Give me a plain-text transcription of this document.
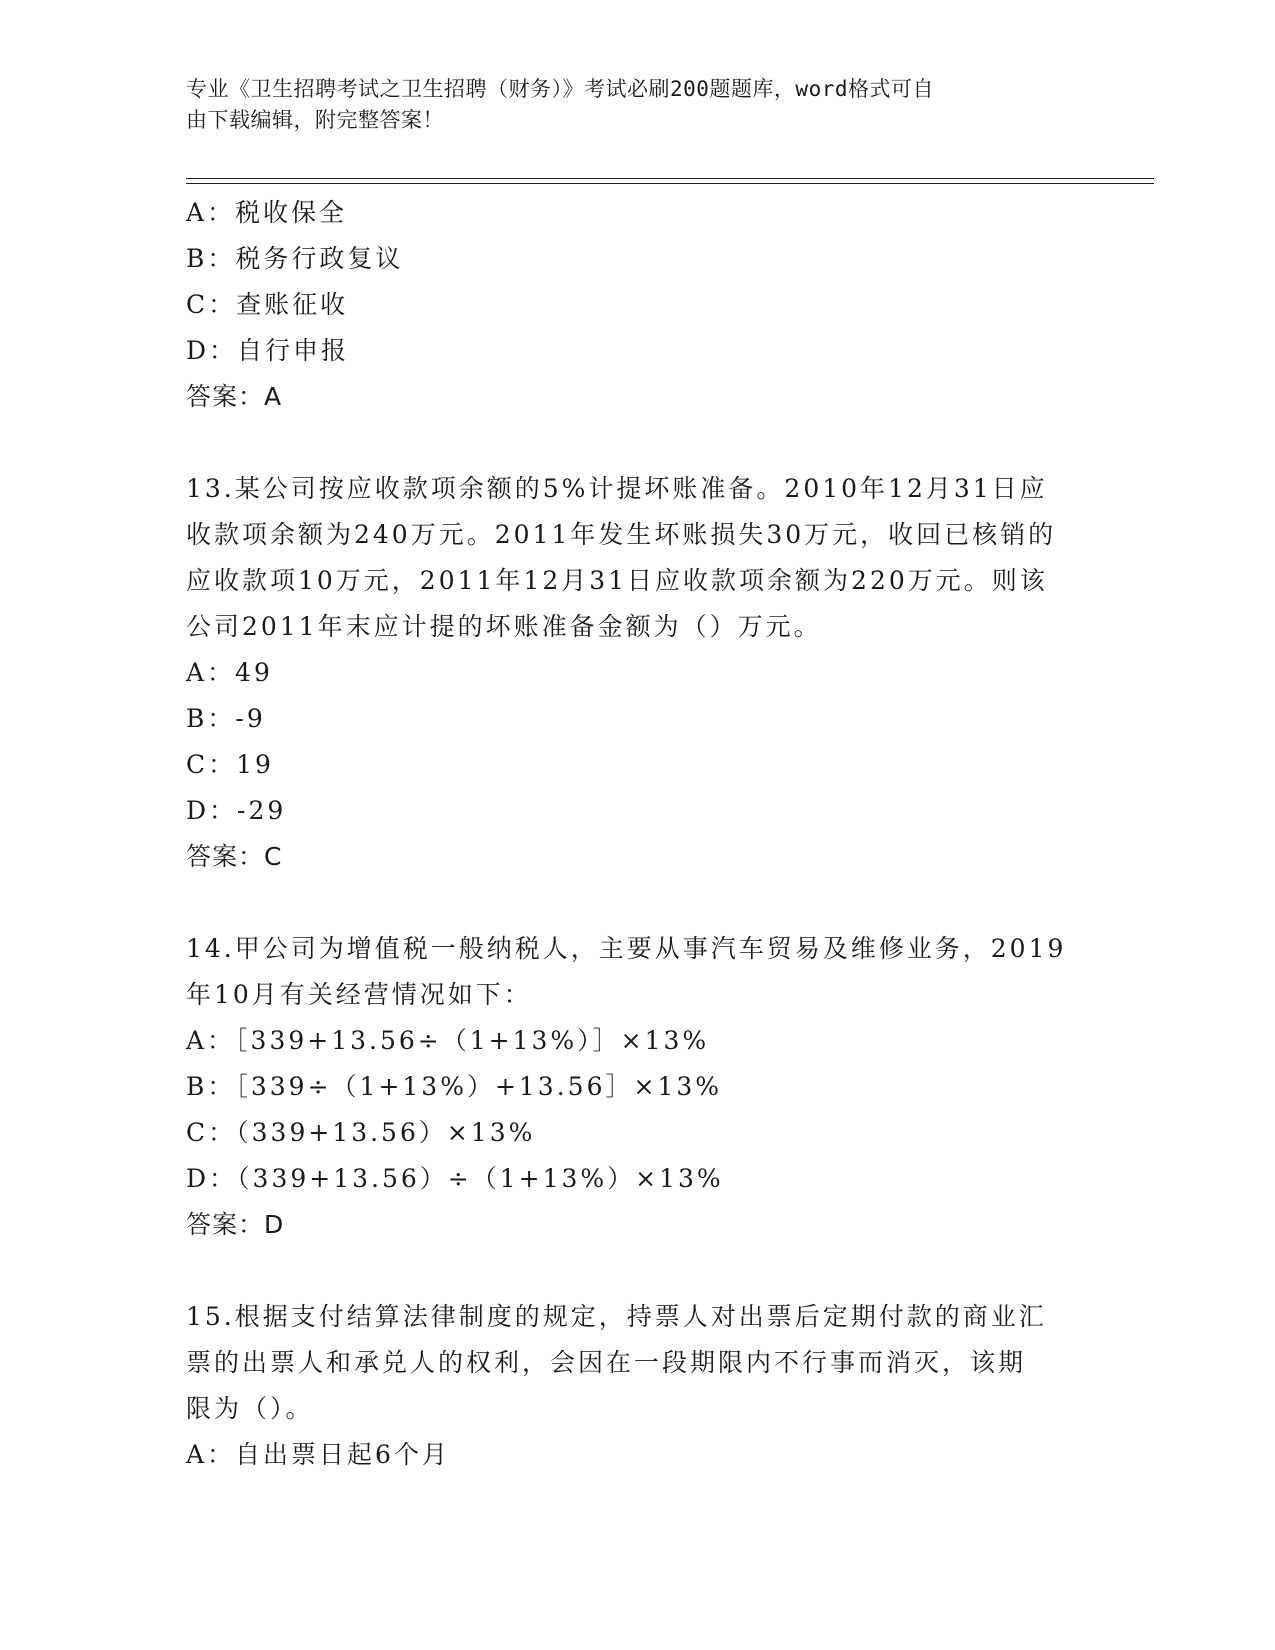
专业《卫生招聘考试之卫生招聘（财务）》考试必刷200题题库，word格式可自
由下载编辑，附完整答案！
A：税收保全
B：税务行政复议
C：查账征收
D：自行申报
答案：A
13.某公司按应收款项余额的5%计提坏账准备。2010年12月31日应
收款项余额为240万元。2011年发生坏账损失30万元，收回已核销的
应收款项10万元，2011年12月31日应收款项余额为220万元。则该
公司2011年末应计提的坏账准备金额为（）万元。
A：49
B：-9
C：19
D：-29
答案：C
14.甲公司为增值税一般纳税人，主要从事汽车贸易及维修业务，2019
年10月有关经营情况如下：
A：［339+13.56÷（1+13%）］×13%
B：［339÷（1+13%）+13.56］×13%
C：（339+13.56）×13%
D：（339+13.56）÷（1+13%）×13%
答案：D
15.根据支付结算法律制度的规定，持票人对出票后定期付款的商业汇
票的出票人和承兑人的权利，会因在一段期限内不行事而消灭，该期
限为（）。
A：自出票日起6个月
